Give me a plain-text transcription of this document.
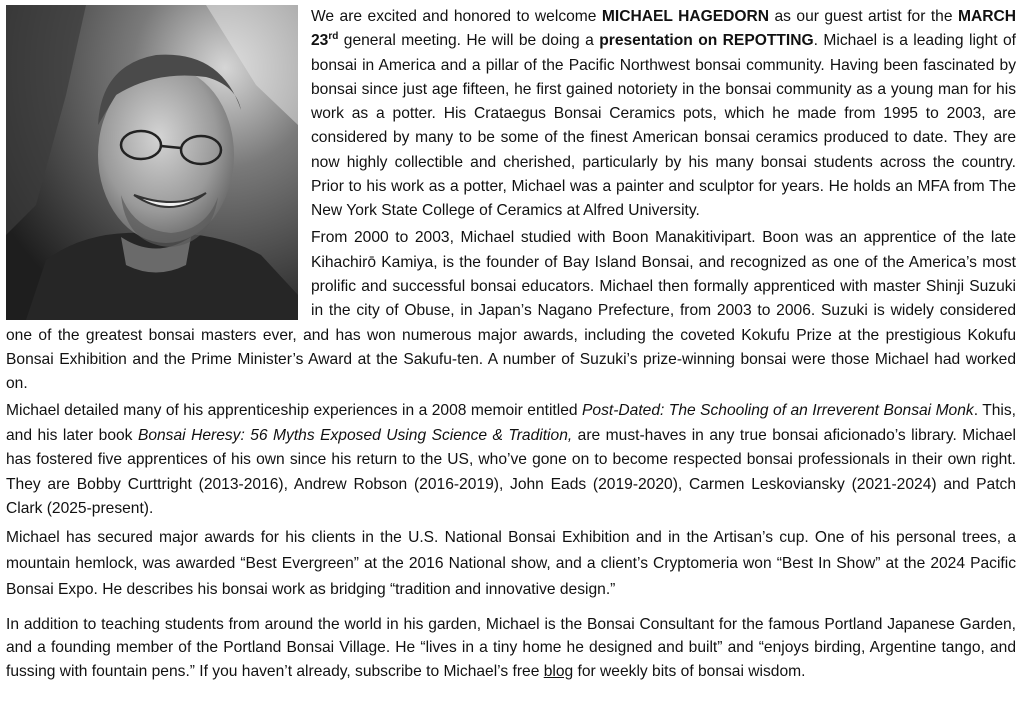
We are excited and honored to welcome MICHAEL HAGEDORN as our guest artist for the MARCH 23rd general meeting. He will be doing a presentation on REPOTTING. Michael is a leading light of bonsai in America and a pillar of the Pacific Northwest bonsai community. Having been fascinated by bonsai since just age fifteen, he first gained notoriety in the bonsai community as a young man for his work as a potter. His Crataegus Bonsai Ceramics pots, which he made from 1995 to 2003, are considered by many to be some of the finest American bonsai ceramics produced to date. They are now highly collectible and cherished, particularly by his many bonsai students across the country. Prior to his work as a potter, Michael was a painter and sculptor for years. He holds an MFA from The New York State College of Ceramics at Alfred University.

From 2000 to 2003, Michael studied with Boon Manakitivipart. Boon was an apprentice of the late Kihachirō Kamiya, is the founder of Bay Island Bonsai, and recognized as one of the America’s most prolific and successful bonsai educators. Michael then formally apprenticed with master Shinji Suzuki in the city of Obuse, in Japan’s Nagano Prefecture, from 2003 to 2006. Suzuki is widely considered one of the greatest bonsai masters ever, and has won numerous major awards, including the coveted Kokufu Prize at the prestigious Kokufu Bonsai Exhibition and the Prime Minister’s Award at the Sakufu-ten. A number of Suzuki’s prize-winning bonsai were those Michael had worked on.

Michael detailed many of his apprenticeship experiences in a 2008 memoir entitled Post-Dated: The Schooling of an Irreverent Bonsai Monk. This, and his later book Bonsai Heresy: 56 Myths Exposed Using Science & Tradition, are must-haves in any true bonsai aficionado’s library. Michael has fostered five apprentices of his own since his return to the US, who’ve gone on to become respected bonsai professionals in their own right. They are Bobby Curttright (2013-2016), Andrew Robson (2016-2019), John Eads (2019-2020), Carmen Leskoviansky (2021-2024) and Patch Clark (2025-present).

Michael has secured major awards for his clients in the U.S. National Bonsai Exhibition and in the Artisan’s cup. One of his personal trees, a mountain hemlock, was awarded “Best Evergreen” at the 2016 National show, and a client’s Cryptomeria won “Best In Show” at the 2024 Pacific Bonsai Expo. He describes his bonsai work as bridging “tradition and innovative design.”

In addition to teaching students from around the world in his garden, Michael is the Bonsai Consultant for the famous Portland Japanese Garden, and a founding member of the Portland Bonsai Village. He “lives in a tiny home he designed and built” and “enjoys birding, Argentine tango, and fussing with fountain pens.” If you haven’t already, subscribe to Michael’s free blog for weekly bits of bonsai wisdom.
